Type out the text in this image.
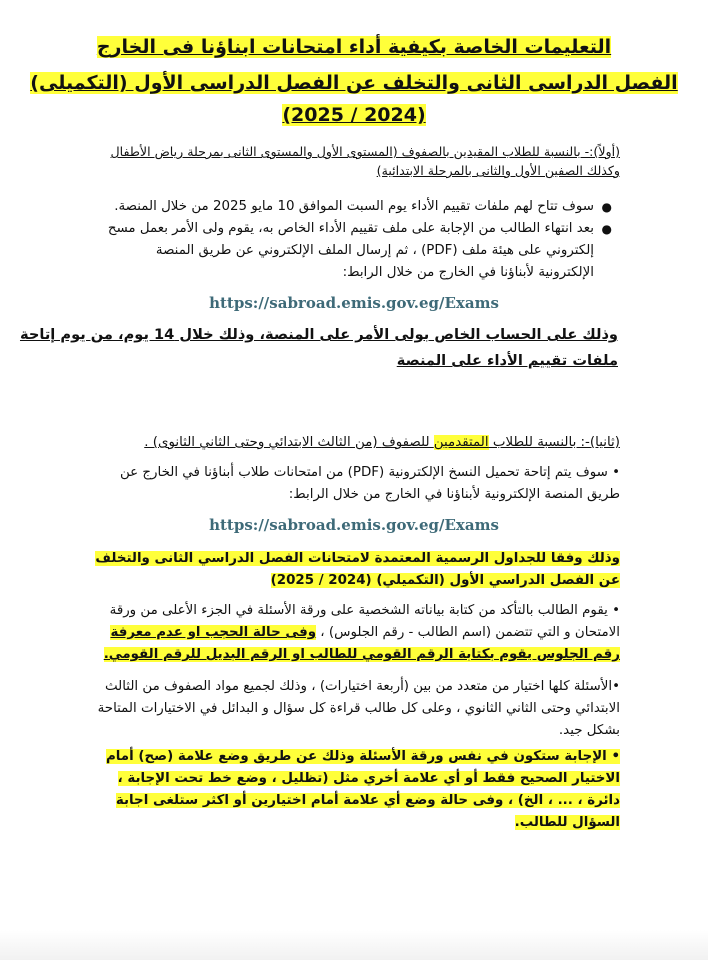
التعليمات الخاصة بكيفية أداء امتحانات ابناؤنا فى الخارج
الفصل الدراسى الثانى والتخلف عن الفصل الدراسى الأول (التكميلى)
(2025 / 2024)
(أولاً):- بالنسبة للطلاب المقيدين بالصفوف (المستوى الأول والمستوى الثانى بمرحلة رياض الأطفال
وكذلك الصفين الأول والثانى بالمرحلة الابتدائية)
●
سوف تتاح لهم ملفات تقييم الأداء يوم السبت الموافق 10 مايو 2025 من خلال المنصة.
●
بعد انتهاء الطالب من الإجابة على ملف تقييم الأداء الخاص به، يقوم ولى الأمر بعمل مسح إلكتروني على هيئة ملف (PDF) ، ثم إرسال الملف الإلكتروني عن طريق المنصة الإلكترونية لأبناؤنا في الخارج من خلال الرابط:
https://sabroad.emis.gov.eg/Exams
وذلك على الحساب الخاص بولى الأمر على المنصة، وذلك خلال 14 يوم، من يوم إتاحة
ملفات تقييم الأداء على المنصة
(ثانيا)-: بالنسبة للطلاب المتقدمين للصفوف (من الثالث الابتدائي وحتى الثاني الثانوى) .
• سوف يتم إتاحة تحميل النسخ الإلكترونية (PDF) من امتحانات طلاب أبناؤنا في الخارج عن طريق المنصة الإلكترونية لأبناؤنا في الخارج من خلال الرابط:
https://sabroad.emis.gov.eg/Exams
وذلك وفقا للجداول الرسمية المعتمدة لامتحانات الفصل الدراسي الثانى والتخلف عن الفصل الدراسي الأول (التكميلي) (2024 / 2025)
• يقوم الطالب بالتأكد من كتابة بياناته الشخصية على ورقة الأسئلة في الجزء الأعلى من ورقة الامتحان و التي تتضمن (اسم الطالب - رقم الجلوس) ، وفى حالة الحجب او عدم معرفة رقم الجلوس يقوم بكتابة الرقم القومي للطالب او الرقم البديل للرقم القومي.
•الأسئلة كلها اختيار من متعدد من بين (أربعة اختيارات) ، وذلك لجميع مواد الصفوف من الثالث الابتدائي وحتى الثاني الثانوي ، وعلى كل طالب قراءة كل سؤال و البدائل في الاختيارات المتاحة بشكل جيد.
• الإجابة ستكون في نفس ورقة الأسئلة وذلك عن طريق وضع علامة (صح) أمام الاختيار الصحيح فقط أو أي علامة أخري مثل (تظليل ، وضع خط تحت الإجابة ، دائرة ، ... ، الخ) ، وفى حالة وضع أي علامة أمام اختيارين أو اكثر ستلغى اجابة السؤال للطالب.
